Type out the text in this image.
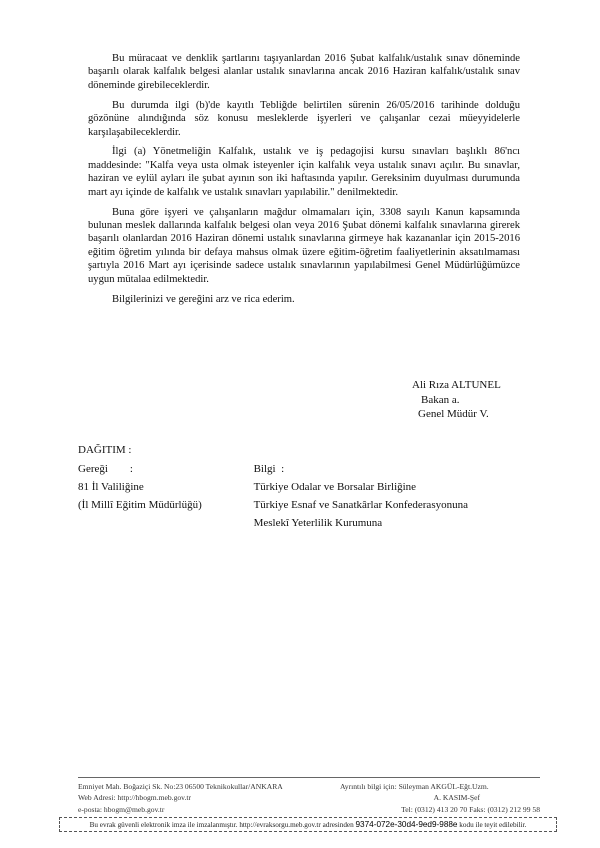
Bu müracaat ve denklik şartlarını taşıyanlardan 2016 Şubat kalfalık/ustalık sınav döneminde başarılı olarak kalfalık belgesi alanlar ustalık sınavlarına ancak 2016 Haziran kalfalık/ustalık sınav döneminde girebileceklerdir.

Bu durumda ilgi (b)'de kayıtlı Tebliğde belirtilen sürenin 26/05/2016 tarihinde dolduğu gözönüne alındığında söz konusu mesleklerde işyerleri ve çalışanlar cezai müeyyidelerle karşılaşabileceklerdir.

İlgi (a) Yönetmeliğin Kalfalık, ustalık ve iş pedagojisi kursu sınavları başlıklı 86'ncı maddesinde: "Kalfa veya usta olmak isteyenler için kalfalık veya ustalık sınavı açılır. Bu sınavlar, haziran ve eylül ayları ile şubat ayının son iki haftasında yapılır. Gereksinim duyulması durumunda mart ayı içinde de kalfalık ve ustalık sınavları yapılabilir." denilmektedir.

Buna göre işyeri ve çalışanların mağdur olmamaları için, 3308 sayılı Kanun kapsamında bulunan meslek dallarında kalfalık belgesi olan veya 2016 Şubat dönemi kalfalık sınavlarına girerek başarılı olanlardan 2016 Haziran dönemi ustalık sınavlarına girmeye hak kazananlar için 2015-2016 eğitim öğretim yılında bir defaya mahsus olmak üzere eğitim-öğretim faaliyetlerinin aksatılmaması şartıyla 2016 Mart ayı içerisinde sadece ustalık sınavlarının yapılabilmesi Genel Müdürlüğümüzce uygun mütalaa edilmektedir.

Bilgilerinizi ve gereğini arz ve rica ederim.

Ali Rıza ALTUNEL
Bakan a.
Genel Müdür V.
DAĞITIM :
Gereği        :
81 İl Valiliğine
(İl Millî Eğitim Müdürlüğü)
Bilgi  :
Türkiye Odalar ve Borsalar Birliğine
Türkiye Esnaf ve Sanatkârlar Konfederasyonuna
Meslekî Yeterlilik Kurumuna
Emniyet Mah. Boğaziçi Sk. No:23 06500 Teknikokullar/ANKARA
Web Adresi: http://hbogm.meb.gov.tr
e-posta: hbogm@meb.gov.tr
Ayrıntılı bilgi için: Süleyman AKGÜL-Eğt.Uzm.
A. KASIM-Şef
Tel: (0312) 413 20 70 Faks: (0312) 212 99 58
Bu evrak güvenli elektronik imza ile imzalanmıştır. http://evraksorgu.meb.gov.tr adresinden 9374-072e-30d4-9ed9-988e kodu ile teyit edilebilir.
